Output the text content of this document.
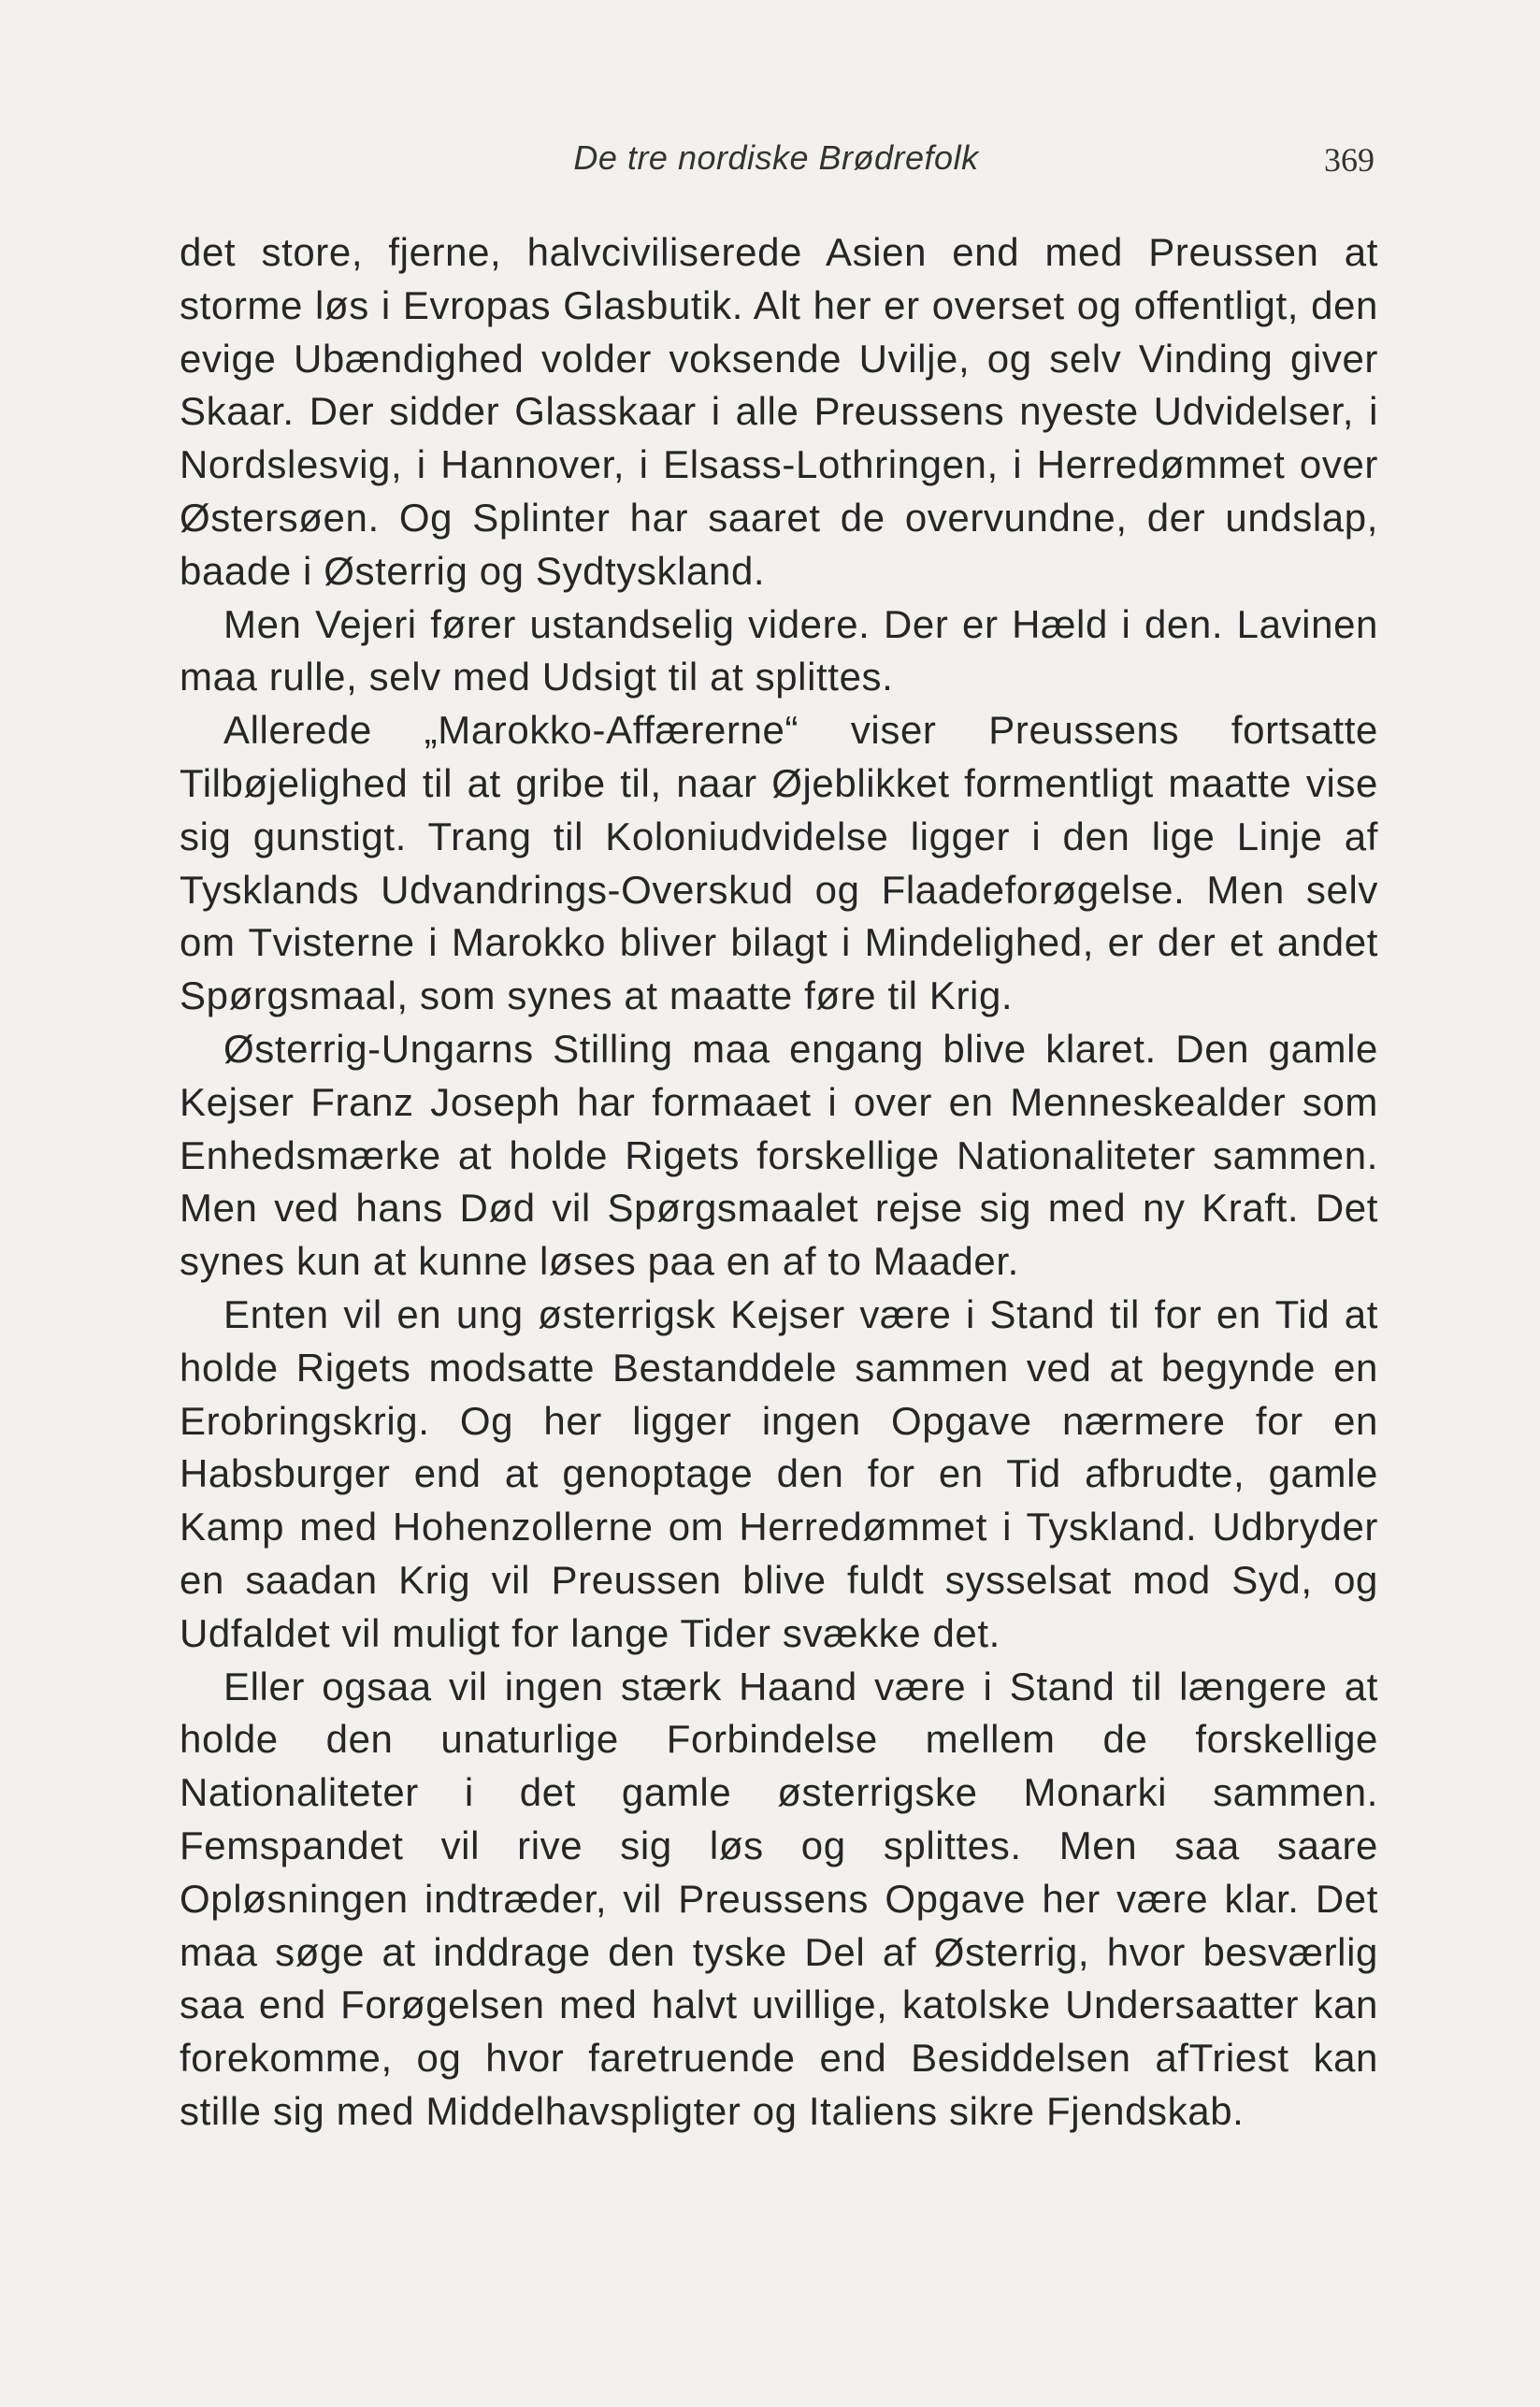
De tre nordiske Brødrefolk	369

det store, fjerne, halvciviliserede Asien end med Preussen at storme løs i Evropas Glasbutik. Alt her er overset og offentligt, den evige Ubændighed volder voksende Uvilje, og selv Vinding giver Skaar. Der sidder Glasskaar i alle Preussens nyeste Udvidelser, i Nordslesvig, i Hannover, i Elsass-Lothringen, i Herredømmet over Østersøen. Og Splinter har saaret de overvundne, der undslap, baade i Østerrig og Sydtyskland.

Men Vejeri fører ustandselig videre. Der er Hæld i den. Lavinen maa rulle, selv med Udsigt til at splittes.

Allerede „Marokko-Affærerne“ viser Preussens fortsatte Tilbøjelighed til at gribe til, naar Øjeblikket formentligt maatte vise sig gunstigt. Trang til Koloniudvidelse ligger i den lige Linje af Tysklands Udvandrings-Overskud og Flaadeforøgelse. Men selv om Tvisterne i Marokko bliver bilagt i Mindelighed, er der et andet Spørgsmaal, som synes at maatte føre til Krig.

Østerrig-Ungarns Stilling maa engang blive klaret. Den gamle Kejser Franz Joseph har formaaet i over en Menneskealder som Enhedsmærke at holde Rigets forskellige Nationaliteter sammen. Men ved hans Død vil Spørgsmaalet rejse sig med ny Kraft. Det synes kun at kunne løses paa en af to Maader.

Enten vil en ung østerrigsk Kejser være i Stand til for en Tid at holde Rigets modsatte Bestanddele sammen ved at begynde en Erobringskrig. Og her ligger ingen Opgave nærmere for en Habsburger end at genoptage den for en Tid afbrudte, gamle Kamp med Hohenzollerne om Herredømmet i Tyskland. Udbryder en saadan Krig vil Preussen blive fuldt sysselsat mod Syd, og Udfaldet vil muligt for lange Tider svække det.

Eller ogsaa vil ingen stærk Haand være i Stand til længere at holde den unaturlige Forbindelse mellem de forskellige Nationaliteter i det gamle østerrigske Monarki sammen. Femspandet vil rive sig løs og splittes. Men saa saare Opløsningen indtræder, vil Preussens Opgave her være klar. Det maa søge at inddrage den tyske Del af Østerrig, hvor besværlig saa end Forøgelsen med halvt uvillige, katolske Undersaatter kan forekomme, og hvor faretruende end Besiddelsen afTriest kan stille sig med Middelhavspligter og Italiens sikre Fjendskab.
